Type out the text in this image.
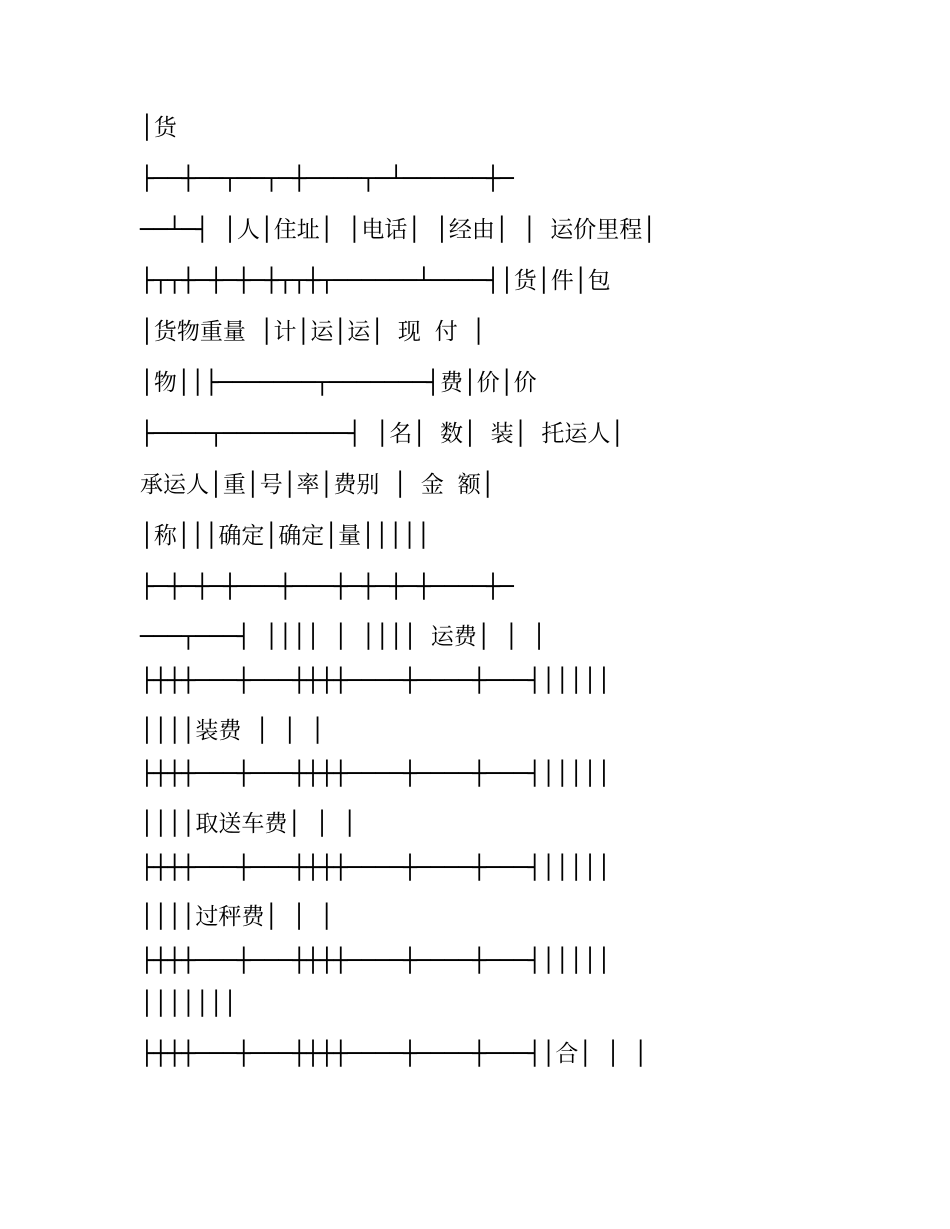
│货

├──┼──┬──┬─┼────┬─┴──────┼─

──┴─┤ │人│住址│ │电话│ │经由│ │ 运价里程│

├┬┬┼─┼─┼─┼┬┬┼┬──────┴────┤│货│件│包

│货物重量 │计│运│运│ 现 付 │

│物││├───────┬───────┤费│价│价

├────┬─────────┤ │名│ 数│ 装│ 托运人│

承运人│重│号│率│费别 │ 金 额│

│称│││确定│确定│量│││││

├─┼─┼─┼───┼───┼─┼─┼─┼────┼─

───┬───┤ ││││ │ ││││ 运费│ │ │

├┼┼┼───┼───┼┼┼┼────┼────┼───┤│││││

││││装费 │ │ │

├┼┼┼───┼───┼┼┼┼────┼────┼───┤│││││

││││取送车费│ │ │

├┼┼┼───┼───┼┼┼┼────┼────┼───┤│││││

││││过秤费│ │ │

├┼┼┼───┼───┼┼┼┼────┼────┼───┤│││││

│││││││

├┼┼┼───┼───┼┼┼┼────┼────┼───┤│合│ │ │
